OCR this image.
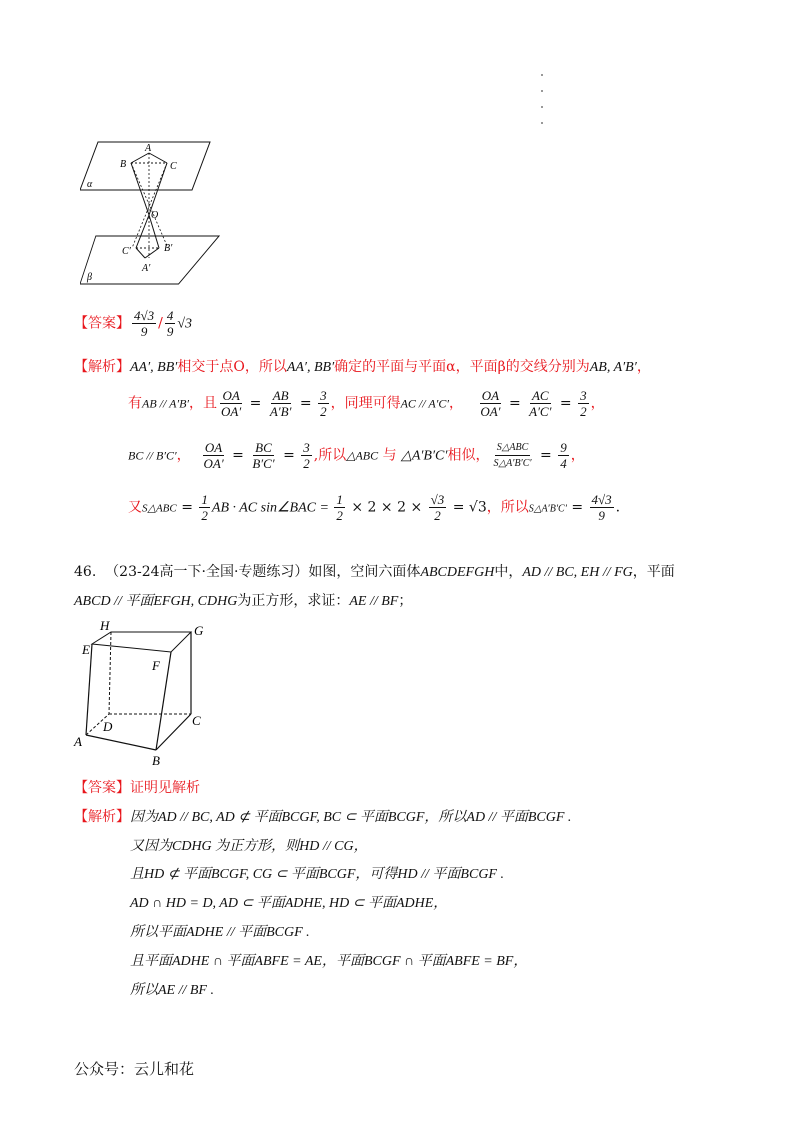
A
B	C
O
C′	B′
A′
α
β
【答案】 $\frac{4√3}{9} / \frac{4}{9} √3$
【解析】AA′, BB′相交于点O，所以AA′, BB′确定的平面与平面α，平面β的交线分别为AB, A′B′，
有AB // A′B′，且 $\frac{OA}{OA'} = \frac{AB}{A'B'} = \frac{3}{2}$ ，同理可得AC // A′C′， $\frac{OA}{OA'} = \frac{AC}{A'C'} = \frac{3}{2}$ ，
BC // B′C′， $\frac{OA}{OA'} = \frac{BC}{B'C'} = \frac{3}{2}$ ,所以△ABC 与 △A′B′C′相似， $\frac{\text{S△ABC}}{S\triangle A'B'C'} = \frac{9}{4}$ ，
又S△ABC = $\frac{1}{2}$ AB · AC sin∠BAC = $\frac{1}{2} \times 2 \times 2 \times \frac{√3}{2} = √3$，所以S△A′B′C′ = $\frac{4√3}{9}$ .
46. （23-24高一下·全国·专题练习）如图，空间六面体ABCDEFGH中，AD // BC, EH // FG，平面
ABCD // 平面EFGH, CDHG为正方形，求证：AE // BF；
H	G
E
F
D	C
A
B
【答案】证明见解析
【解析】因为AD // BC, AD ⊄ 平面BCGF, BC ⊂ 平面BCGF，所以AD // 平面BCGF .
又因为CDHG 为正方形，则HD // CG，
且HD ⊄ 平面BCGF, CG ⊂ 平面BCGF，可得HD // 平面BCGF .
AD ∩ HD = D, AD ⊂ 平面ADHE, HD ⊂ 平面ADHE，
所以平面ADHE // 平面BCGF .
且平面ADHE ∩ 平面ABFE = AE，平面BCGF ∩ 平面ABFE = BF，
所以AE // BF .
公众号：云儿和花
